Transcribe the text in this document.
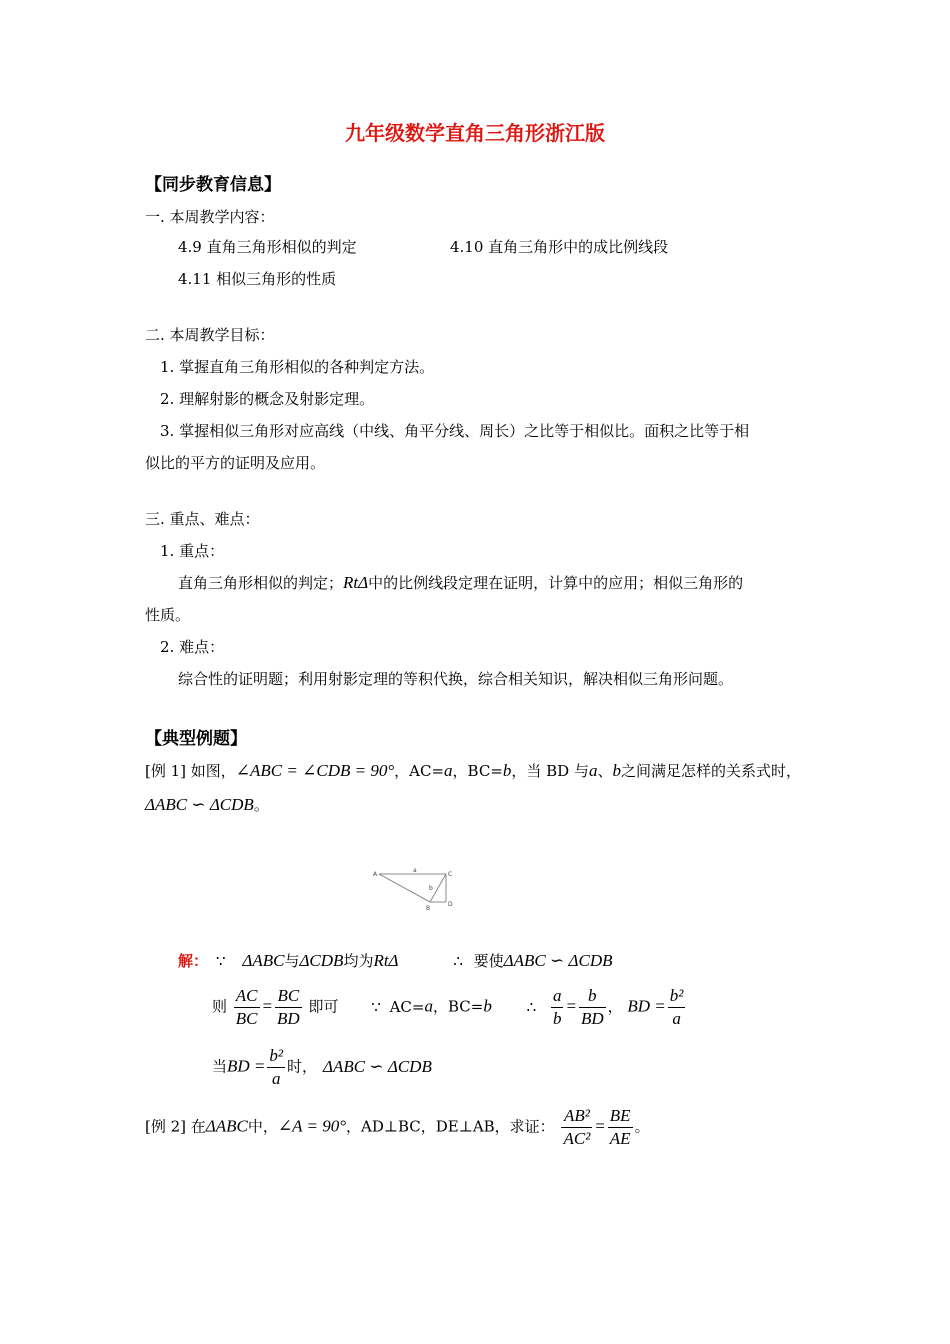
九年级数学直角三角形浙江版
【同步教育信息】
一. 本周教学内容：
4.9 直角三角形相似的判定	4.10 直角三角形中的成比例线段
4.11 相似三角形的性质
二. 本周教学目标：
1. 掌握直角三角形相似的各种判定方法。
2. 理解射影的概念及射影定理。
3. 掌握相似三角形对应高线（中线、角平分线、周长）之比等于相似比。面积之比等于相
似比的平方的证明及应用。
三. 重点、难点：
1. 重点：
直角三角形相似的判定；RtΔ中的比例线段定理在证明，计算中的应用；相似三角形的
性质。
2. 难点：
综合性的证明题；利用射影定理的等积代换，综合相关知识，解决相似三角形问题。
【典型例题】
[例 1] 如图，∠ABC = ∠CDB = 90°，AC=a，BC=b，当 BD 与a、b之间满足怎样的关系式时，
ΔABC ∽ ΔCDB。
A	C
B
D
a
b
解： ∵ ΔABC与ΔCDB均为RtΔ	∴ 要使ΔABC ∽ ΔCDB
则 $\frac{AC}{BC} = \frac{BC}{BD}$ 即可 ∵ AC=a，BC=b ∴ $\frac{a}{b} = \frac{b}{BD}$ ， BD = $\frac{\text{b²}}{a}$
当BD = $\frac{\text{b²}}{a}$ 时， ΔABC ∽ ΔCDB
[例 2] 在ΔABC中，∠A = 90°，AD⊥BC，DE⊥AB，求证： $\frac{\text{AB²}}{\text{AC²}} = \frac{BE}{AE}$ 。
